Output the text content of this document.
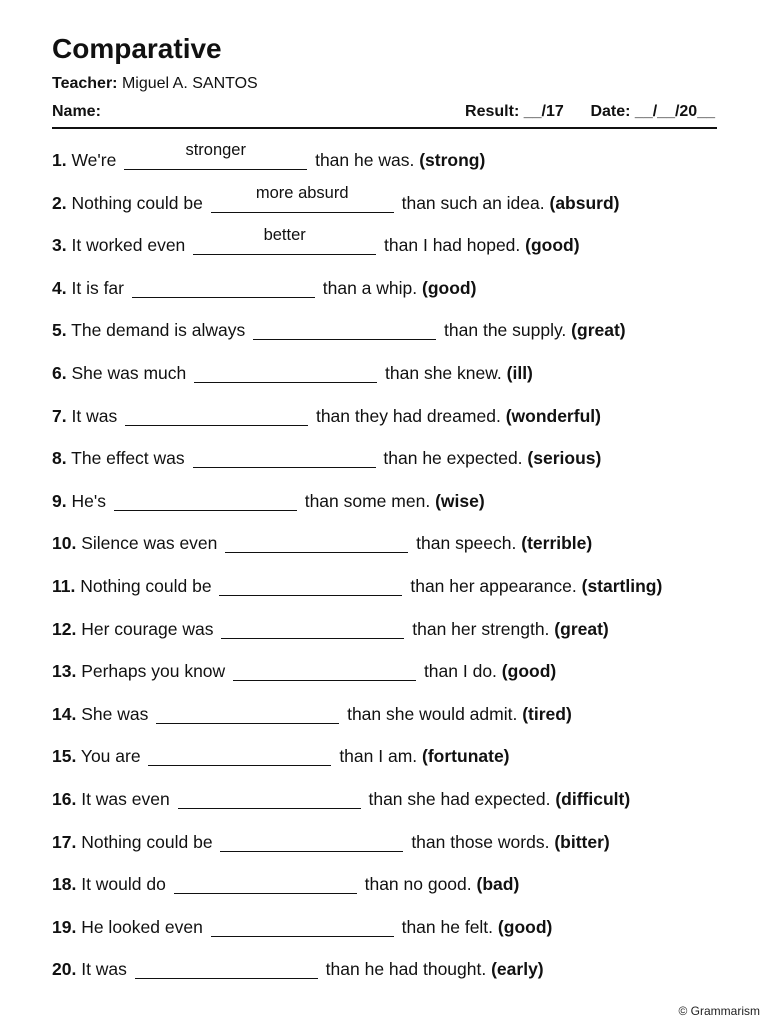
Comparative
Teacher: Miguel A. SANTOS
Name:	Result: __/17 Date: __/__/20__
1. We're	stronger	than he was. (strong)
2. Nothing could be	more absurd	than such an idea. (absurd)
3. It worked even	better	than I had hoped. (good)
4. It is far	than a whip. (good)
5. The demand is always	than the supply. (great)
6. She was much	than she knew. (ill)
7. It was	than they had dreamed. (wonderful)
8. The effect was	than he expected. (serious)
9. He's	than some men. (wise)
10. Silence was even	than speech. (terrible)
11. Nothing could be	than her appearance. (startling)
12. Her courage was	than her strength. (great)
13. Perhaps you know	than I do. (good)
14. She was	than she would admit. (tired)
15. You are	than I am. (fortunate)
16. It was even	than she had expected. (difficult)
17. Nothing could be	than those words. (bitter)
18. It would do	than no good. (bad)
19. He looked even	than he felt. (good)
20. It was	than he had thought. (early)
© Grammarism
